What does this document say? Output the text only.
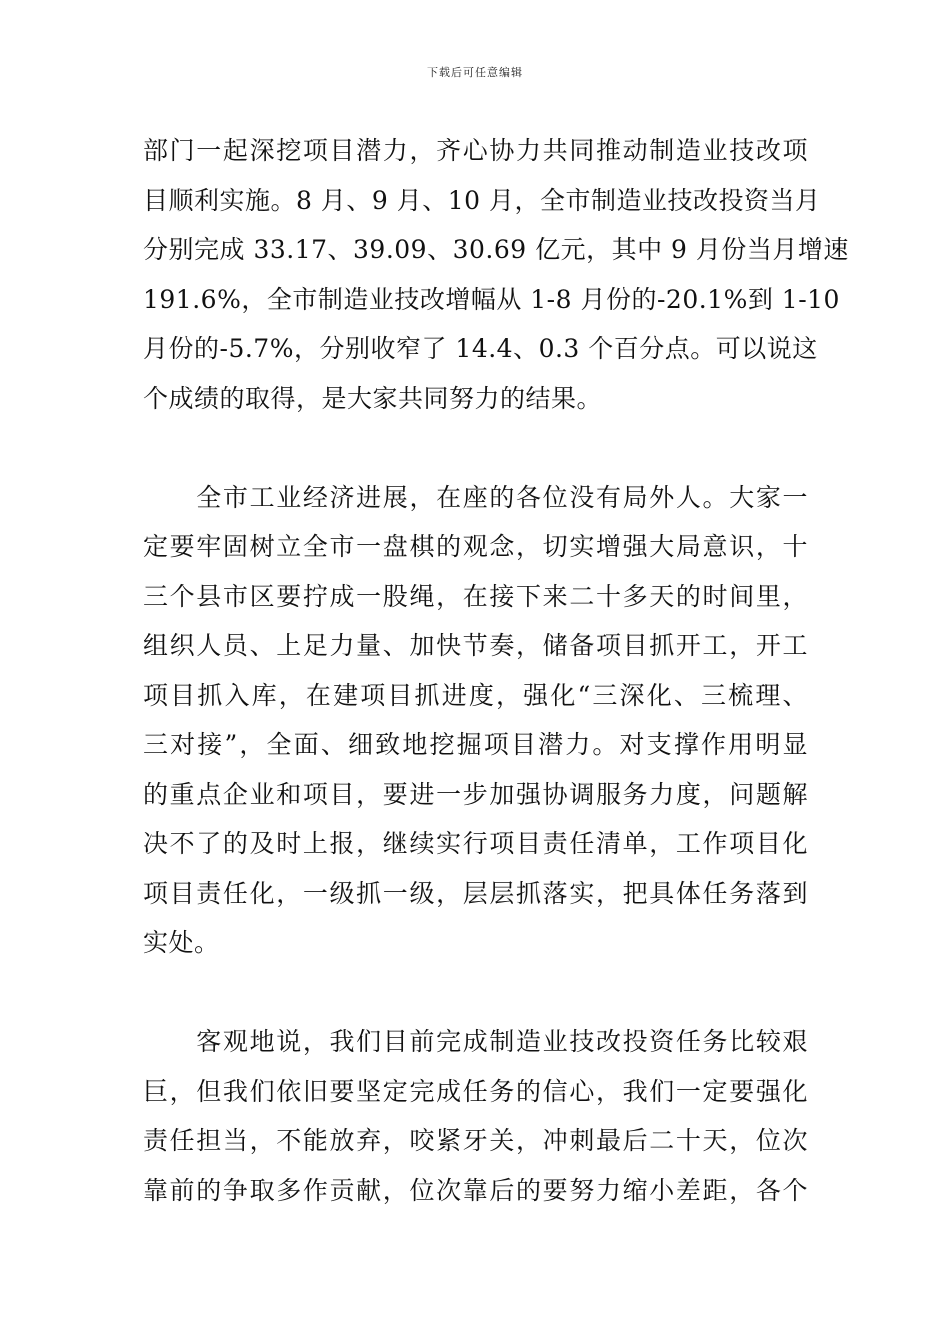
下载后可任意编辑

部门一起深挖项目潜力，齐心协力共同推动制造业技改项
目顺利实施。8 月、9 月、10 月，全市制造业技改投资当月
分别完成 33.17、39.09、30.69 亿元，其中 9 月份当月增速
191.6%，全市制造业技改增幅从 1-8 月份的-20.1%到 1-10
月份的-5.7%，分别收窄了 14.4、0.3 个百分点。可以说这
个成绩的取得，是大家共同努力的结果。

　　全市工业经济进展，在座的各位没有局外人。大家一
定要牢固树立全市一盘棋的观念，切实增强大局意识，十
三个县市区要拧成一股绳，在接下来二十多天的时间里，
组织人员、上足力量、加快节奏，储备项目抓开工，开工
项目抓入库，在建项目抓进度，强化“三深化、三梳理、
三对接”，全面、细致地挖掘项目潜力。对支撑作用明显
的重点企业和项目，要进一步加强协调服务力度，问题解
决不了的及时上报，继续实行项目责任清单，工作项目化
项目责任化，一级抓一级，层层抓落实，把具体任务落到
实处。

　　客观地说，我们目前完成制造业技改投资任务比较艰
巨，但我们依旧要坚定完成任务的信心，我们一定要强化
责任担当，不能放弃，咬紧牙关，冲刺最后二十天，位次
靠前的争取多作贡献，位次靠后的要努力缩小差距，各个
